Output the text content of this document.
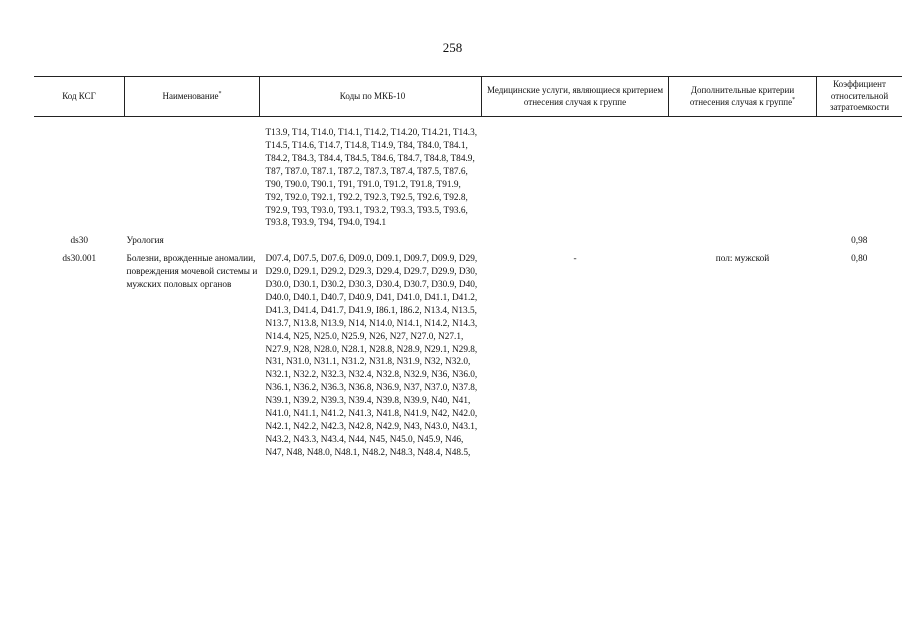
258
Код КСГ	Наименование*	Коды по МКБ-10	Медицинские услуги, являющиеся критерием отнесения случая к группе	Дополнительные критерии отнесения случая к группе*	Коэффициент относительной затратоемкости

		T13.9, T14, T14.0, T14.1, T14.2, T14.20, T14.21, T14.3, T14.5, T14.6, T14.7, T14.8, T14.9, T84, T84.0, T84.1, T84.2, T84.3, T84.4, T84.5, T84.6, T84.7, T84.8, T84.9, T87, T87.0, T87.1, T87.2, T87.3, T87.4, T87.5, T87.6, T90, T90.0, T90.1, T91, T91.0, T91.2, T91.8, T91.9, T92, T92.0, T92.1, T92.2, T92.3, T92.5, T92.6, T92.8, T92.9, T93, T93.0, T93.1, T93.2, T93.3, T93.5, T93.6, T93.8, T93.9, T94, T94.0, T94.1			
ds30	Урология				0,98
ds30.001	Болезни, врожденные аномалии, повреждения мочевой системы и мужских половых органов	D07.4, D07.5, D07.6, D09.0, D09.1, D09.7, D09.9, D29, D29.0, D29.1, D29.2, D29.3, D29.4, D29.7, D29.9, D30, D30.0, D30.1, D30.2, D30.3, D30.4, D30.7, D30.9, D40, D40.0, D40.1, D40.7, D40.9, D41, D41.0, D41.1, D41.2, D41.3, D41.4, D41.7, D41.9, I86.1, I86.2, N13.4, N13.5, N13.7, N13.8, N13.9, N14, N14.0, N14.1, N14.2, N14.3, N14.4, N25, N25.0, N25.9, N26, N27, N27.0, N27.1, N27.9, N28, N28.0, N28.1, N28.8, N28.9, N29.1, N29.8, N31, N31.0, N31.1, N31.2, N31.8, N31.9, N32, N32.0, N32.1, N32.2, N32.3, N32.4, N32.8, N32.9, N36, N36.0, N36.1, N36.2, N36.3, N36.8, N36.9, N37, N37.0, N37.8, N39.1, N39.2, N39.3, N39.4, N39.8, N39.9, N40, N41, N41.0, N41.1, N41.2, N41.3, N41.8, N41.9, N42, N42.0, N42.1, N42.2, N42.3, N42.8, N42.9, N43, N43.0, N43.1, N43.2, N43.3, N43.4, N44, N45, N45.0, N45.9, N46, N47, N48, N48.0, N48.1, N48.2, N48.3, N48.4, N48.5,	-	пол: мужской	0,80
